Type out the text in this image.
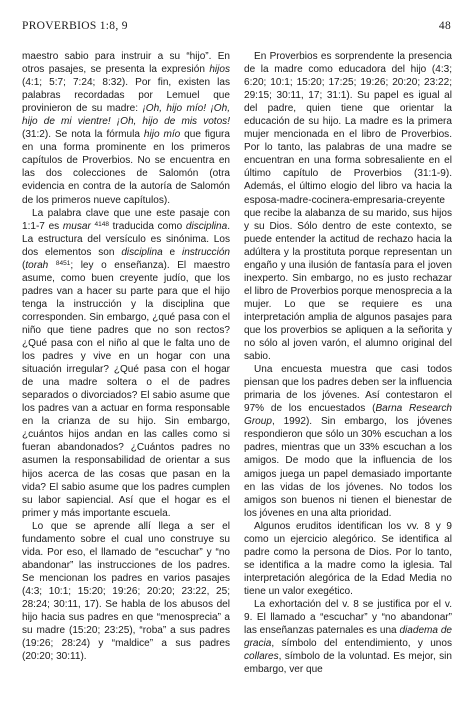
PROVERBIOS 1:8, 9	48

maestro sabio para instruir a su “hijo”. En otros pasajes, se presenta la expresión hijos (4:1; 5:7; 7:24; 8:32). Por fin, existen las palabras recordadas por Lemuel que provinieron de su madre: ¡Oh, hijo mío! ¡Oh, hijo de mi vientre! ¡Oh, hijo de mis votos! (31:2). Se nota la fórmula hijo mío que figura en una forma prominente en los primeros capítulos de Proverbios. No se encuentra en las dos colecciones de Salomón (otra evidencia en contra de la autoría de Salomón de los primeros nueve capítulos).

La palabra clave que une este pasaje con 1:1-7 es musar $^{4148}$ traducida como disciplina. La estructura del versículo es sinónima. Los dos elementos son disciplina e instrucción (torah $^{8451}$; ley o enseñanza). El maestro asume, como buen creyente judío, que los padres van a hacer su parte para que el hijo tenga la instrucción y la disciplina que corresponden. Sin embargo, ¿qué pasa con el niño que tiene padres que no son rectos? ¿Qué pasa con el niño al que le falta uno de los padres y vive en un hogar con una situación irregular? ¿Qué pasa con el hogar de una madre soltera o el de padres separados o divorciados? El sabio asume que los padres van a actuar en forma responsable en la crianza de su hijo. Sin embargo, ¿cuántos hijos andan en las calles como si fueran abandonados? ¿Cuántos padres no asumen la responsabilidad de orientar a sus hijos acerca de las cosas que pasan en la vida? El sabio asume que los padres cumplen su labor sapiencial. Así que el hogar es el primer y más importante escuela.

Lo que se aprende allí llega a ser el fundamento sobre el cual uno construye su vida. Por eso, el llamado de “escuchar” y “no abandonar” las instrucciones de los padres. Se mencionan los padres en varios pasajes (4:3; 10:1; 15:20; 19:26; 20:20; 23:22, 25; 28:24; 30:11, 17). Se habla de los abusos del hijo hacia sus padres en que “menosprecia” a su madre (15:20; 23:25), “roba” a sus padres (19:26; 28:24) y “maldice” a sus padres (20:20; 30:11).

En Proverbios es sorprendente la presencia de la madre como educadora del hijo (4:3; 6:20; 10:1; 15:20; 17:25; 19:26; 20:20; 23:22; 29:15; 30:11, 17; 31:1). Su papel es igual al del padre, quien tiene que orientar la educación de su hijo. La madre es la primera mujer mencionada en el libro de Proverbios. Por lo tanto, las palabras de una madre se encuentran en una forma sobresaliente en el último capítulo de Proverbios (31:1-9). Además, el último elogio del libro va hacia la esposa-madre-cocinera-empresaria-creyente que recibe la alabanza de su marido, sus hijos y su Dios. Sólo dentro de este contexto, se puede entender la actitud de rechazo hacia la adúltera y la prostituta porque representan un engaño y una ilusión de fantasía para el joven inexperto. Sin embargo, no es justo rechazar el libro de Proverbios porque menosprecia a la mujer. Lo que se requiere es una interpretación amplia de algunos pasajes para que los proverbios se apliquen a la señorita y no sólo al joven varón, el alumno original del sabio.

Una encuesta muestra que casi todos piensan que los padres deben ser la influencia primaria de los jóvenes. Así contestaron el 97% de los encuestados (Barna Research Group, 1992). Sin embargo, los jóvenes respondieron que sólo un 30% escuchan a los padres, mientras que un 33% escuchan a los amigos. De modo que la influencia de los amigos juega un papel demasiado importante en las vidas de los jóvenes. No todos los amigos son buenos ni tienen el bienestar de los jóvenes en una alta prioridad.

Algunos eruditos identifican los vv. 8 y 9 como un ejercicio alegórico. Se identifica al padre como la persona de Dios. Por lo tanto, se identifica a la madre como la iglesia. Tal interpretación alegórica de la Edad Media no tiene un valor exegético.

La exhortación del v. 8 se justifica por el v. 9. El llamado a “escuchar” y “no abandonar” las enseñanzas paternales es una diadema de gracia, símbolo del entendimiento, y unos collares, símbolo de la voluntad. Es mejor, sin embargo, ver que
